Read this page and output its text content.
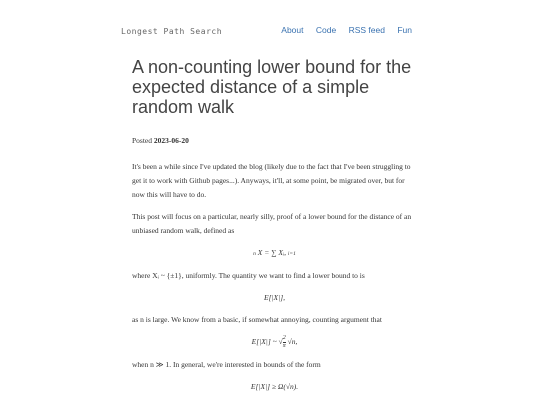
Longest Path Search	About Code RSS feed Fun
A non-counting lower bound for the expected distance of a simple random walk

Posted 2023-06-20

It's been a while since I've updated the blog (likely due to the fact that I've been struggling to get it to work with Github pages...). Anyways, it'll, at some point, be migrated over, but for now this will have to do.

This post will focus on a particular, nearly silly, proof of a lower bound for the distance of an unbiased random walk, defined as

n X = ∑ Xᵢ, i=1

where Xᵢ ~ {±1}, uniformly. The quantity we want to find a lower bound to is

E[|X|],

as n is large. We know from a basic, if somewhat annoying, counting argument that

E[|X|] ~ √ $\frac{2}{\pi} √n$,

when n ≫ 1. In general, we're interested in bounds of the form

E[|X|] ≥ Ω(√n).
